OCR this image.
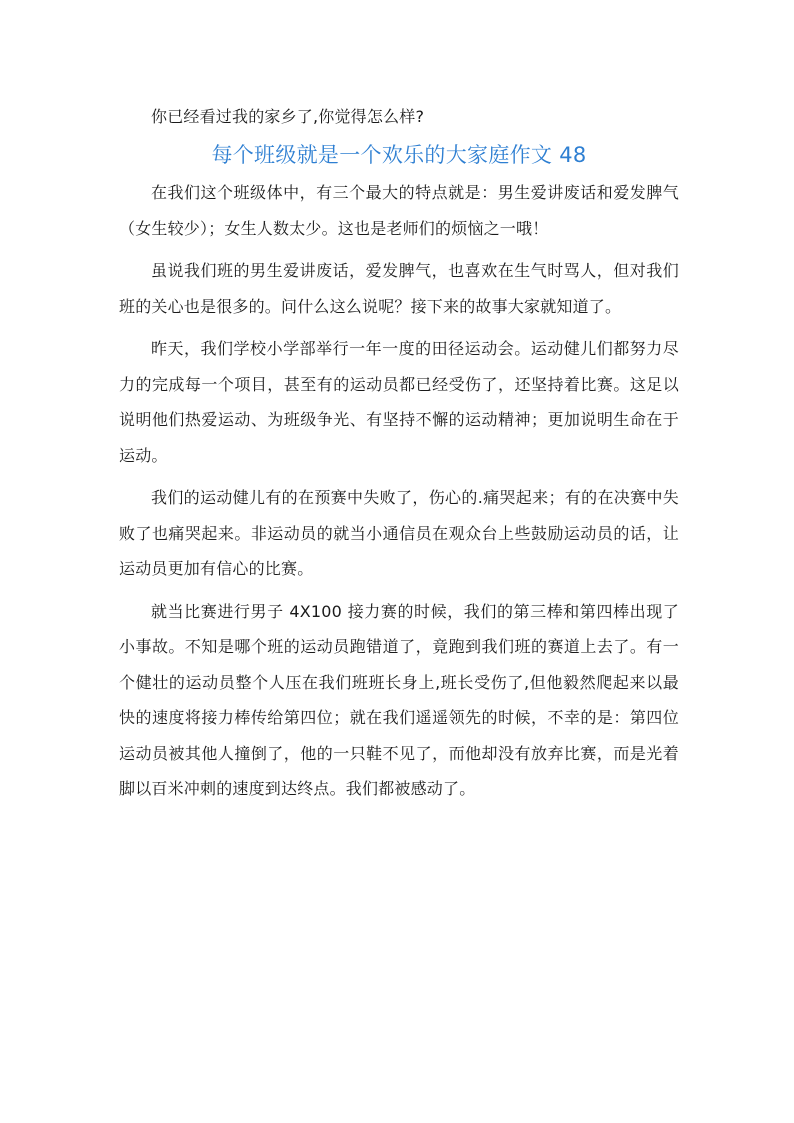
你已经看过我的家乡了,你觉得怎么样?

每个班级就是一个欢乐的大家庭作文 48

在我们这个班级体中，有三个最大的特点就是：男生爱讲废话和爱发脾气（女生较少）；女生人数太少。这也是老师们的烦恼之一哦！

虽说我们班的男生爱讲废话，爱发脾气，也喜欢在生气时骂人，但对我们班的关心也是很多的。问什么这么说呢？接下来的故事大家就知道了。

昨天，我们学校小学部举行一年一度的田径运动会。运动健儿们都努力尽力的完成每一个项目，甚至有的运动员都已经受伤了，还坚持着比赛。这足以说明他们热爱运动、为班级争光、有坚持不懈的运动精神；更加说明生命在于运动。

我们的运动健儿有的在预赛中失败了，伤心的.痛哭起来；有的在决赛中失败了也痛哭起来。非运动员的就当小通信员在观众台上些鼓励运动员的话，让运动员更加有信心的比赛。

就当比赛进行男子 4X100 接力赛的时候，我们的第三棒和第四棒出现了小事故。不知是哪个班的运动员跑错道了，竟跑到我们班的赛道上去了。有一个健壮的运动员整个人压在我们班班长身上,班长受伤了,但他毅然爬起来以最快的速度将接力棒传给第四位；就在我们遥遥领先的时候，不幸的是：第四位运动员被其他人撞倒了，他的一只鞋不见了，而他却没有放弃比赛，而是光着脚以百米冲刺的速度到达终点。我们都被感动了。
